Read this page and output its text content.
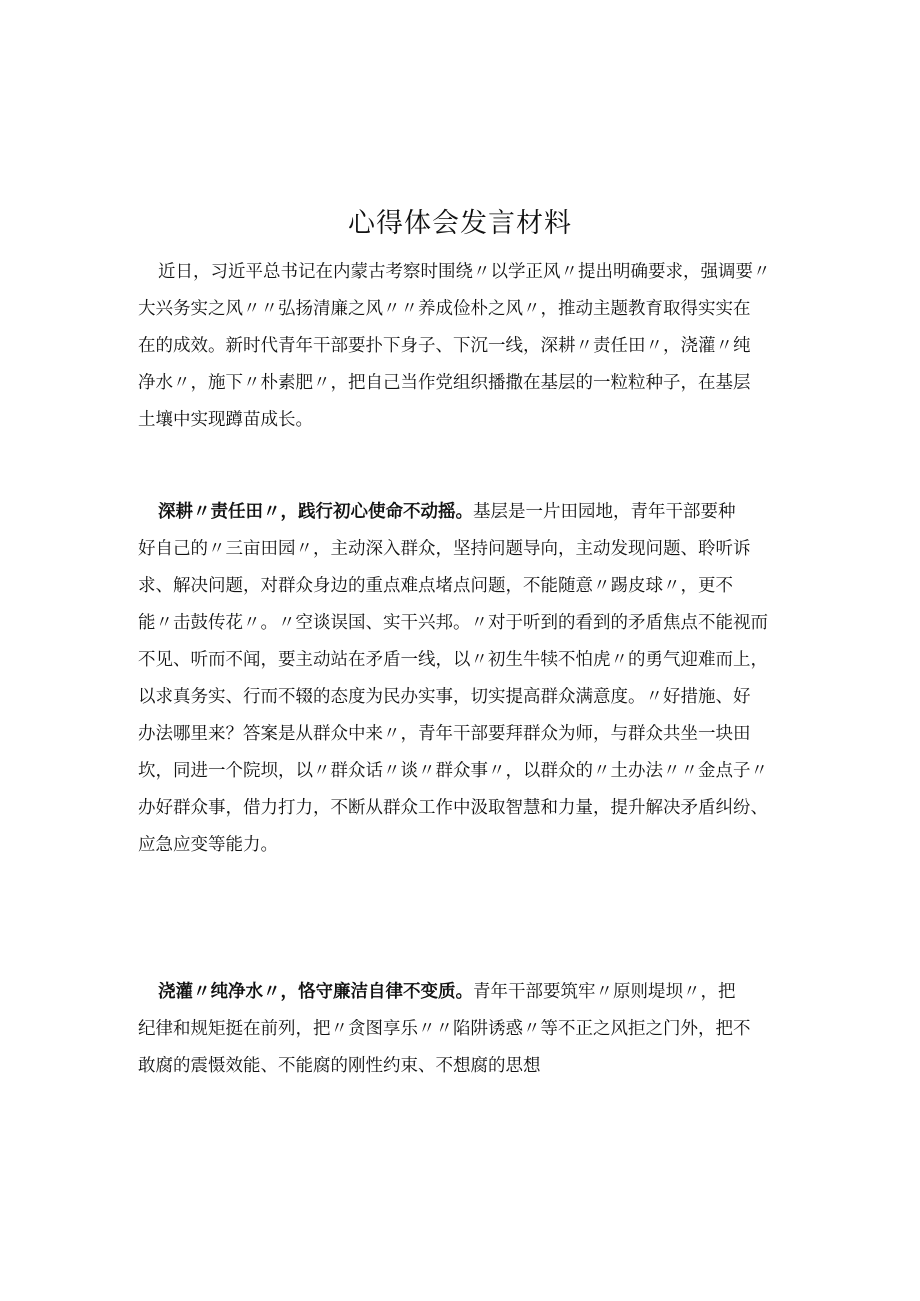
心得体会发言材料
近日，习近平总书记在内蒙古考察时围绕〃以学正风〃提出明确要求，强调要〃
大兴务实之风〃〃弘扬清廉之风〃〃养成俭朴之风〃，推动主题教育取得实实在
在的成效。新时代青年干部要扑下身子、下沉一线，深耕〃责任田〃，浇灌〃纯
净水〃，施下〃朴素肥〃，把自己当作党组织播撒在基层的一粒粒种子，在基层
土壤中实现蹲苗成长。
深耕〃责任田〃，践行初心使命不动摇。基层是一片田园地，青年干部要种
好自己的〃三亩田园〃，主动深入群众，坚持问题导向，主动发现问题、聆听诉
求、解决问题，对群众身边的重点难点堵点问题，不能随意〃踢皮球〃，更不
能〃击鼓传花〃。〃空谈误国、实干兴邦。〃对于听到的看到的矛盾焦点不能视而
不见、听而不闻，要主动站在矛盾一线，以〃初生牛犊不怕虎〃的勇气迎难而上，
以求真务实、行而不辍的态度为民办实事，切实提高群众满意度。〃好措施、好
办法哪里来？答案是从群众中来〃，青年干部要拜群众为师，与群众共坐一块田
坎，同进一个院坝，以〃群众话〃谈〃群众事〃，以群众的〃土办法〃〃金点子〃
办好群众事，借力打力，不断从群众工作中汲取智慧和力量，提升解决矛盾纠纷、
应急应变等能力。
浇灌〃纯净水〃，恪守廉洁自律不变质。青年干部要筑牢〃原则堤坝〃，把
纪律和规矩挺在前列，把〃贪图享乐〃〃陷阱诱惑〃等不正之风拒之门外，把不
敢腐的震慑效能、不能腐的刚性约束、不想腐的思想
